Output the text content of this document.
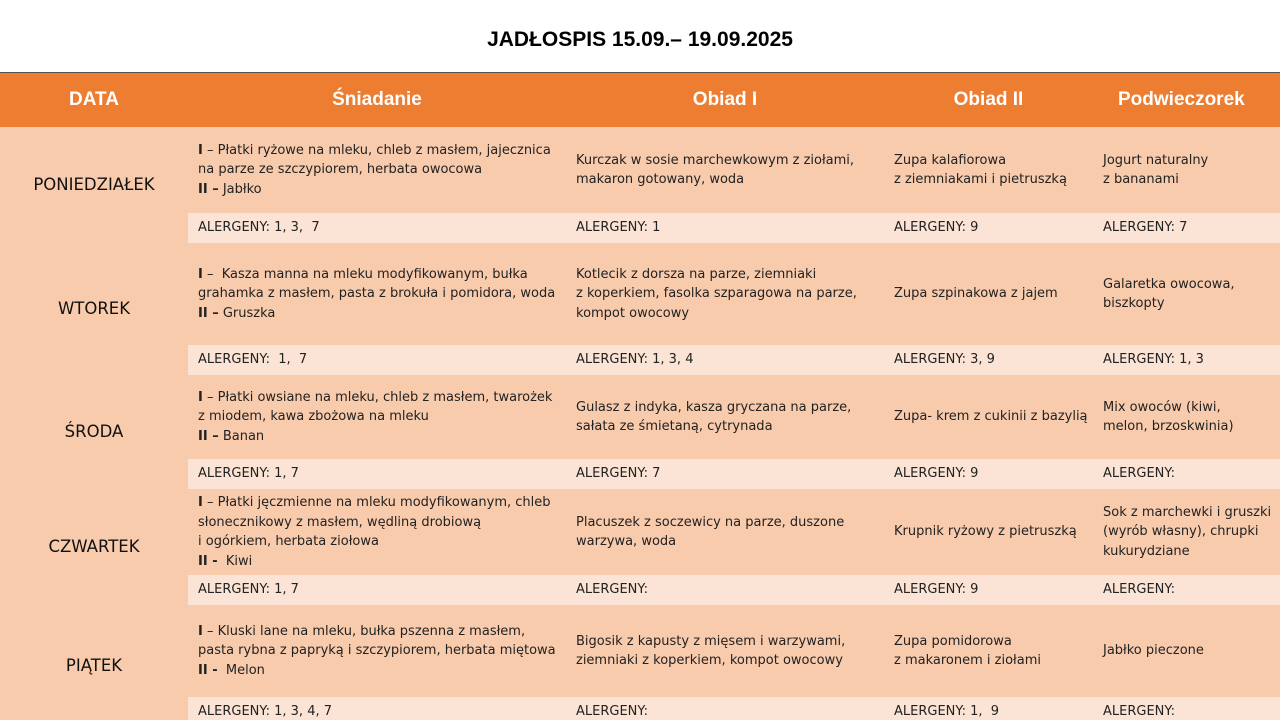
JADŁOSPIS 15.09.– 19.09.2025
DATA	Śniadanie	Obiad I	Obiad II	Podwieczorek
PONIEDZIAŁEK	I – Płatki ryżowe na mleku, chleb z masłem, jajecznica
na parze ze szczypiorem, herbata owocowa
II – Jabłko	Kurczak w sosie marchewkowym z ziołami,
makaron gotowany, woda	Zupa kalafiorowa
z ziemniakami i pietruszką	Jogurt naturalny
z bananami

	ALERGENY: 1, 3,  7	ALERGENY: 1	ALERGENY: 9	ALERGENY: 7

WTOREK	I –  Kasza manna na mleku modyfikowanym, bułka
grahamka z masłem, pasta z brokuła i pomidora, woda
II – Gruszka	Kotlecik z dorsza na parze, ziemniaki
z koperkiem, fasolka szparagowa na parze,
kompot owocowy	Zupa szpinakowa z jajem	Galaretka owocowa,
biszkopty

	ALERGENY:  1,  7	ALERGENY: 1, 3, 4	ALERGENY: 3, 9	ALERGENY: 1, 3

ŚRODA	I – Płatki owsiane na mleku, chleb z masłem, twarożek
z miodem, kawa zbożowa na mleku
II – Banan	Gulasz z indyka, kasza gryczana na parze,
sałata ze śmietaną, cytrynada	Zupa- krem z cukinii z bazylią	Mix owoców (kiwi,
melon, brzoskwinia)

	ALERGENY: 1, 7	ALERGENY: 7	ALERGENY: 9	ALERGENY:

CZWARTEK	I – Płatki jęczmienne na mleku modyfikowanym, chleb
słonecznikowy z masłem, wędliną drobiową
i ogórkiem, herbata ziołowa
II -  Kiwi	Placuszek z soczewicy na parze, duszone
warzywa, woda	Krupnik ryżowy z pietruszką	Sok z marchewki i gruszki
(wyrób własny), chrupki
kukurydziane

	ALERGENY: 1, 7	ALERGENY:	ALERGENY: 9	ALERGENY:

PIĄTEK	I – Kluski lane na mleku, bułka pszenna z masłem,
pasta rybna z papryką i szczypiorem, herbata miętowa
II -  Melon	Bigosik z kapusty z mięsem i warzywami,
ziemniaki z koperkiem, kompot owocowy	Zupa pomidorowa
z makaronem i ziołami	Jabłko pieczone

	ALERGENY: 1, 3, 4, 7	ALERGENY:	ALERGENY: 1,  9	ALERGENY:
